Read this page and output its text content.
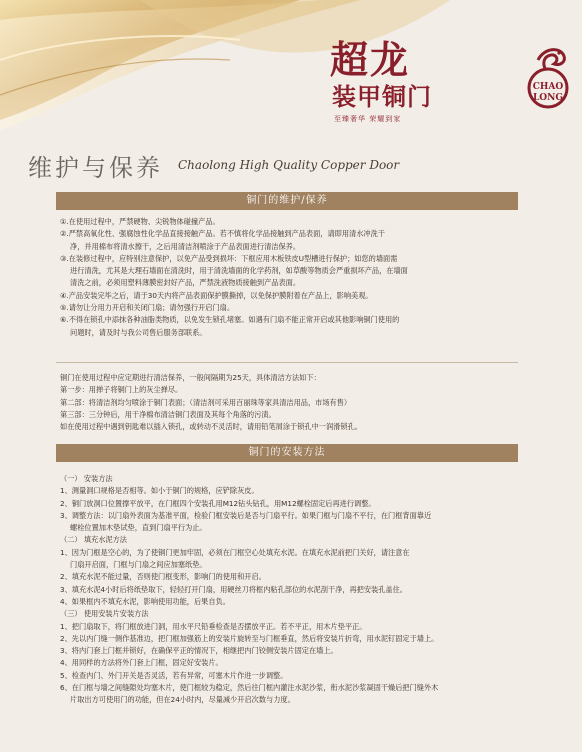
超龙
装甲铜门
至臻奢华 荣耀到家
CHAO
LONG
维护与保养 Chaolong High Quality Copper Door
铜门的维护/保养

①.在使用过程中，严禁硬物、尖锐物体碰撞产品。

②.严禁高氧化性、强腐蚀性化学品直接接触产品。若不慎将化学品接触到产品表面，请即用清水冲洗干

净，并用棉布将清水擦干，之后用清洁剂喷涂于产品表面进行清洁保养。

③.在装修过程中，应特别注意保护，以免产品受到损坏：下框应用木板铁皮U型槽进行保护；如您的墙面需

进行清洗，尤其是大理石墙面在清洗时，用于清洗墙面的化学药剂，如草酸等物质会严重损坏产品，在墙面

清洗之前，必须用塑料薄膜密封好产品，严禁洗液物质接触到产品表面。

④.产品安装完毕之后，请于30天内将产品表面保护膜撕掉，以免保护膜附着在产品上，影响美观。

⑤.请勿让分用力开启和关闭门扇；请勿强行开启门扇。

⑥.不得在锁孔中添抹各种油脂类物质，以免发生锁孔堵塞。如遇有门扇不能正常开启或其他影响铜门使用的

问题时，请及时与我公司售后服务部联系。

铜门在使用过程中应定期进行清洁保养，一般间隔期为25天，具体清洁方法如下：

第一步：用掸子将铜门上的灰尘掸尽。

第二部：将清洁剂均匀喷涂于铜门表面；（清洁剂可采用百丽珠等家具清洁用品，市场有售）

第三部：三分钟后，用干净棉布清洁铜门表面及其每个角落的污渍。

如在使用过程中遇到钥匙难以插入锁孔，或转动不灵活时，请用铅笔屑涂于锁孔中一润滑锁孔。

铜门的安装方法

（一） 安装方法

1、测量洞口规格是否相等。如小于铜门的规格，应铲除灰皮。

2、铜门放洞口位置撑平放平，在门框四个安装孔用M12钻头钻孔，用M12螺栓固定后再进行调整。

3、调整方法：以门扇外表面为基准平面，检验门框安装后是否与门扇平行。如果门框与门扇不平行，在门框背面靠近

螺栓位置加木垫试垫，直到门扇平行为止。

（二） 填充水泥方法

1、因为门框是空心的，为了使铜门更加牢固，必须在门框空心处填充水泥。在填充水泥前把门关好，请注意在

门扇开启面，门框与门扇之间应加塞纸垫。

2、填充水泥不能过量，否则使门框变形，影响门的使用和开启。

3、填充水泥4小时后将纸垫取下，轻轻打开门扇，用硬丝刀将框内粘孔部位的水泥刮干净，再把安装孔盖住。

4、如果框内不填充水泥，影响使用功能，后果自负。

（三） 使用安装片安装方法

1、把门扇取下，将门框放进门洞，用水平尺铅垂检查是否摆放平正。若不平正，用木片垫平正。

2、先以内门缝一侧作基准边，把门框加强筋上的安装片旋转至与门框垂直，然后将安装片折弯，用水泥钉固定于墙上。

3、将内门套上门框并锁好，在确保平正的情况下，相继把内门铰侧安装片固定在墙上。

4、用同样的方法将外门套上门框，固定好安装片。

5、检查内门、外门开关是否灵活，若有异常，可塞木片作进一步调整。

6、在门框与墙之间缝隙处均塞木片，使门框较为稳定，然后往门框内灌注水泥沙浆，衔水泥沙浆凝固干燥后把门缝外木

片取出方可使用门的功能，但在24小时内，尽量减少开启次数与力度。
